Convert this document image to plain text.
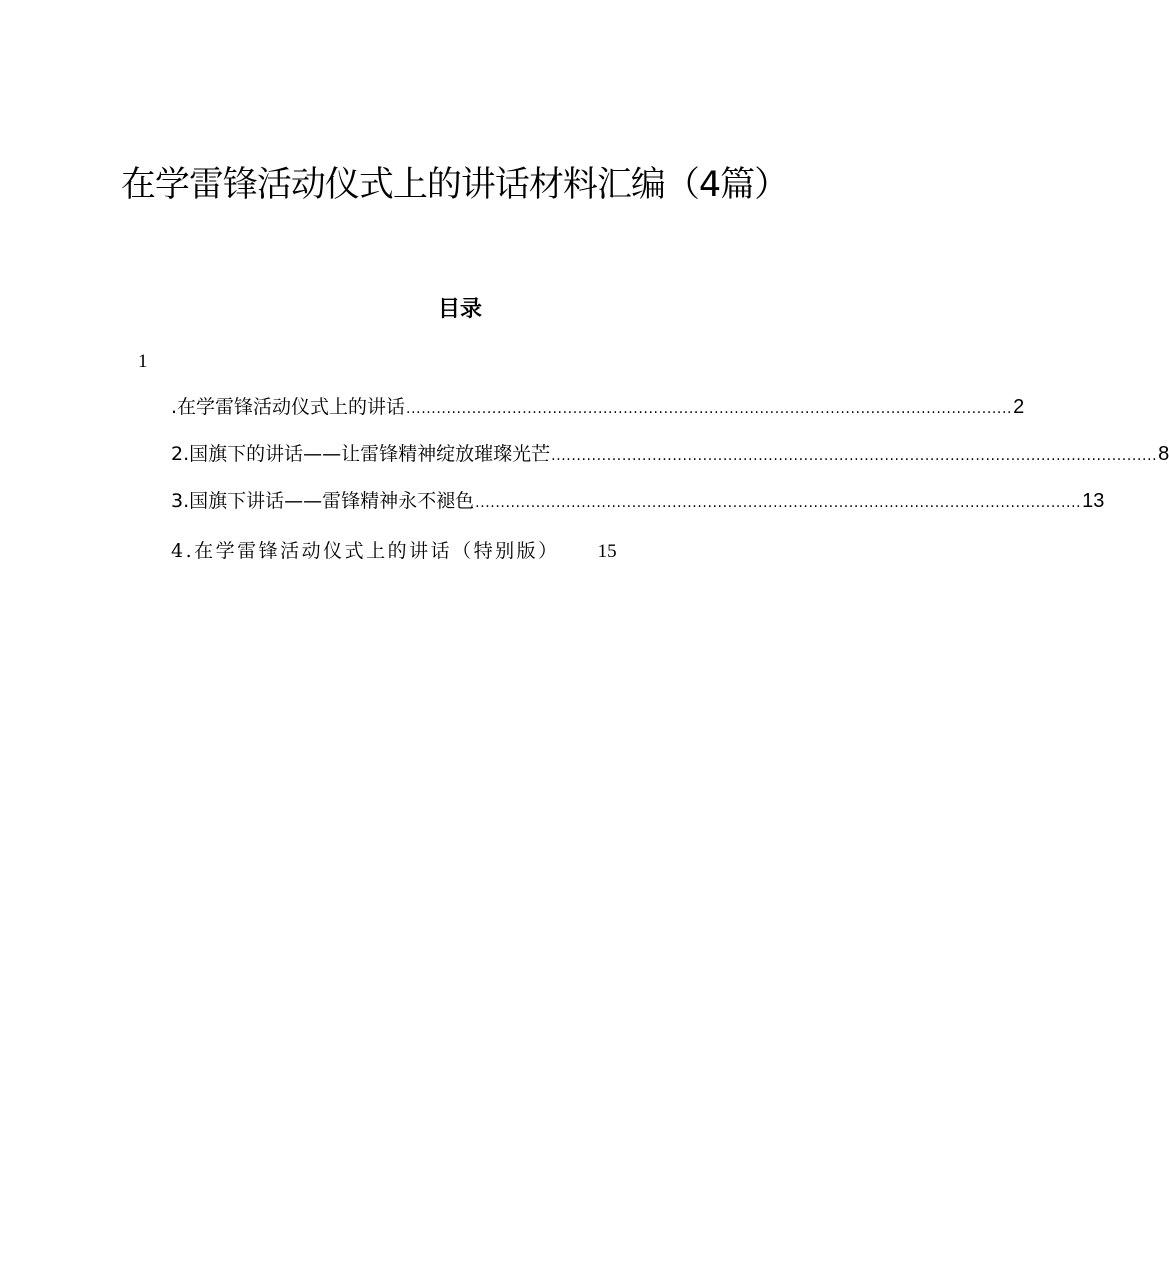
在学雷锋活动仪式上的讲话材料汇编（4篇）
目录
1
.在学雷锋活动仪式上的讲话 ........................................................................................................................ 2
2.国旗下的讲话——让雷锋精神绽放璀璨光芒 ........................................................................................................................ 8
3.国旗下讲话——雷锋精神永不褪色 ........................................................................................................................ 13
4.在学雷锋活动仪式上的讲话（特别版） 15
